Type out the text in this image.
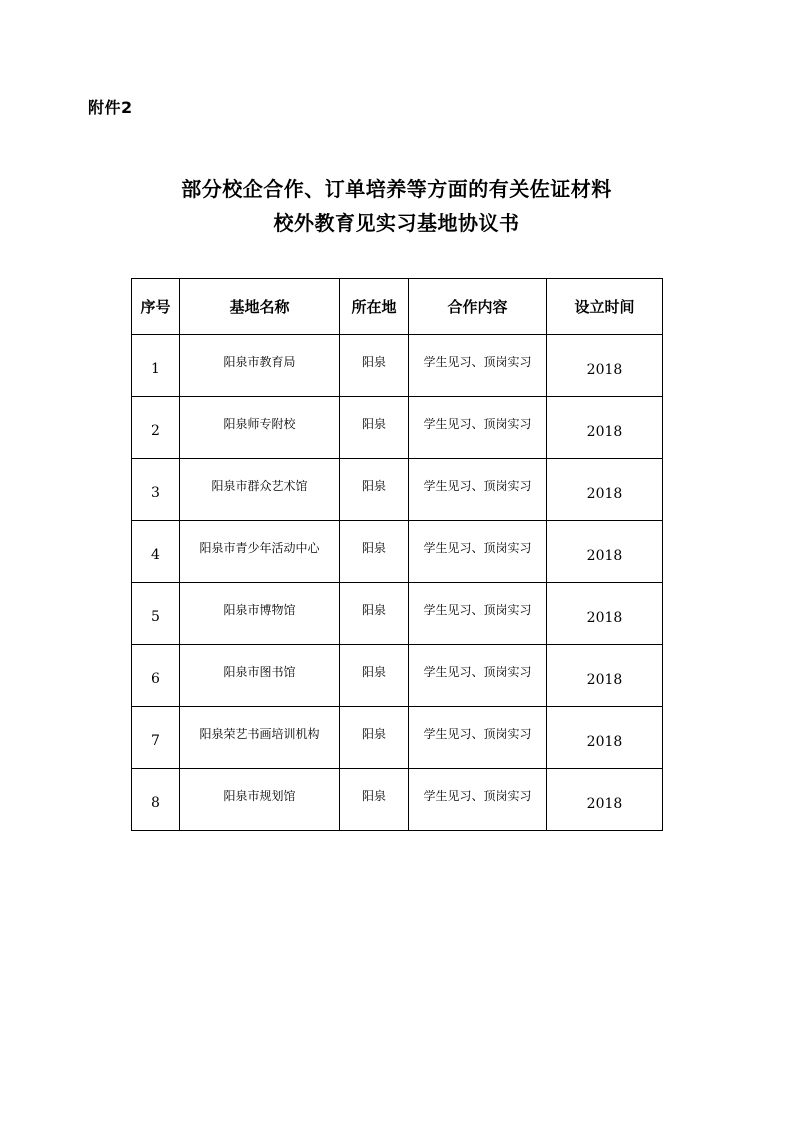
附件2
部分校企合作、订单培养等方面的有关佐证材料
校外教育见实习基地协议书
序号	基地名称	所在地	合作内容	设立时间
1	阳泉市教育局	阳泉	学生见习、顶岗实习	2018
2	阳泉师专附校	阳泉	学生见习、顶岗实习	2018
3	阳泉市群众艺术馆	阳泉	学生见习、顶岗实习	2018
4	阳泉市青少年活动中心	阳泉	学生见习、顶岗实习	2018
5	阳泉市博物馆	阳泉	学生见习、顶岗实习	2018
6	阳泉市图书馆	阳泉	学生见习、顶岗实习	2018
7	阳泉荣艺书画培训机构	阳泉	学生见习、顶岗实习	2018
8	阳泉市规划馆	阳泉	学生见习、顶岗实习	2018
